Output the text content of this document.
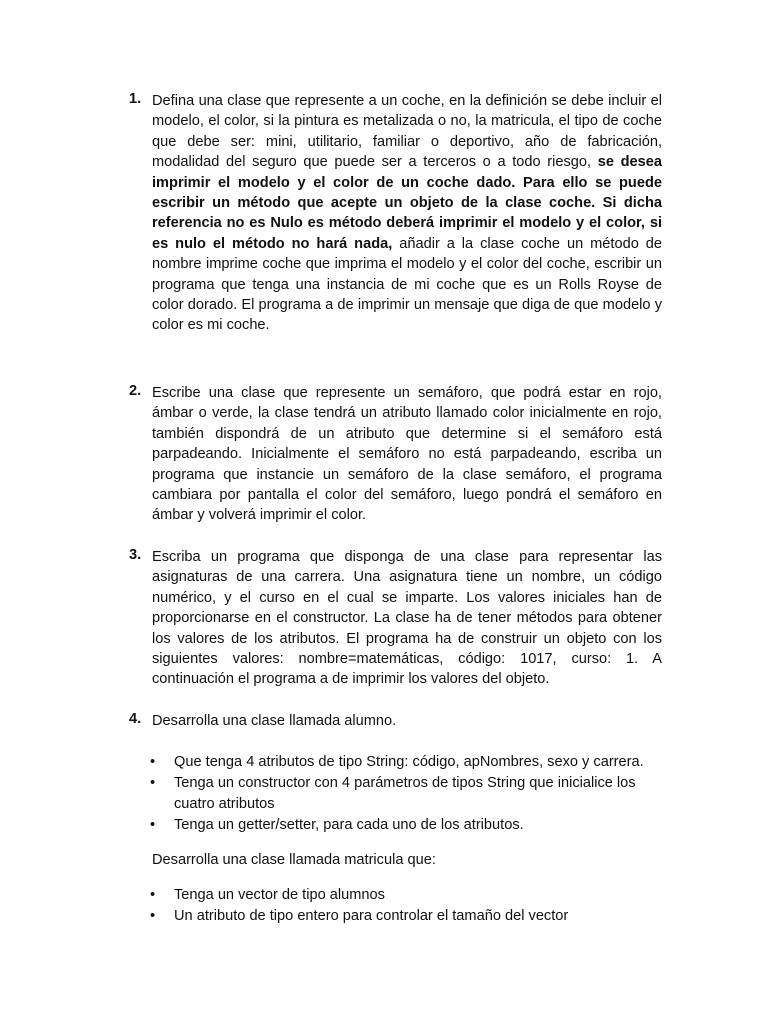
1. Defina una clase que represente a un coche, en la definición se debe incluir el modelo, el color, si la pintura es metalizada o no, la matricula, el tipo de coche que debe ser: mini, utilitario, familiar o deportivo, año de fabricación, modalidad del seguro que puede ser a terceros o a todo riesgo, se desea imprimir el modelo y el color de un coche dado. Para ello se puede escribir un método que acepte un objeto de la clase coche. Si dicha referencia no es Nulo es método deberá imprimir el modelo y el color, si es nulo el método no hará nada, añadir a la clase coche un método de nombre imprime coche que imprima el modelo y el color del coche, escribir un programa que tenga una instancia de mi coche que es un Rolls Royse de color dorado. El programa a de imprimir un mensaje que diga de que modelo y color es mi coche.
2. Escribe una clase que represente un semáforo, que podrá estar en rojo, ámbar o verde, la clase tendrá un atributo llamado color inicialmente en rojo, también dispondrá de un atributo que determine si el semáforo está parpadeando. Inicialmente el semáforo no está parpadeando, escriba un programa que instancie un semáforo de la clase semáforo, el programa cambiara por pantalla el color del semáforo, luego pondrá el semáforo en ámbar y volverá imprimir el color.
3. Escriba un programa que disponga de una clase para representar las asignaturas de una carrera. Una asignatura tiene un nombre, un código numérico, y el curso en el cual se imparte. Los valores iniciales han de proporcionarse en el constructor. La clase ha de tener métodos para obtener los valores de los atributos. El programa ha de construir un objeto con los siguientes valores: nombre=matemáticas, código: 1017, curso: 1. A continuación el programa a de imprimir los valores del objeto.
4. Desarrolla una clase llamada alumno.
• Que tenga 4 atributos de tipo String: código, apNombres, sexo y carrera.
• Tenga un constructor con 4 parámetros de tipos String que inicialice los cuatro atributos
• Tenga un getter/setter, para cada uno de los atributos.
Desarrolla una clase llamada matricula que:
• Tenga un vector de tipo alumnos
• Un atributo de tipo entero para controlar el tamaño del vector
